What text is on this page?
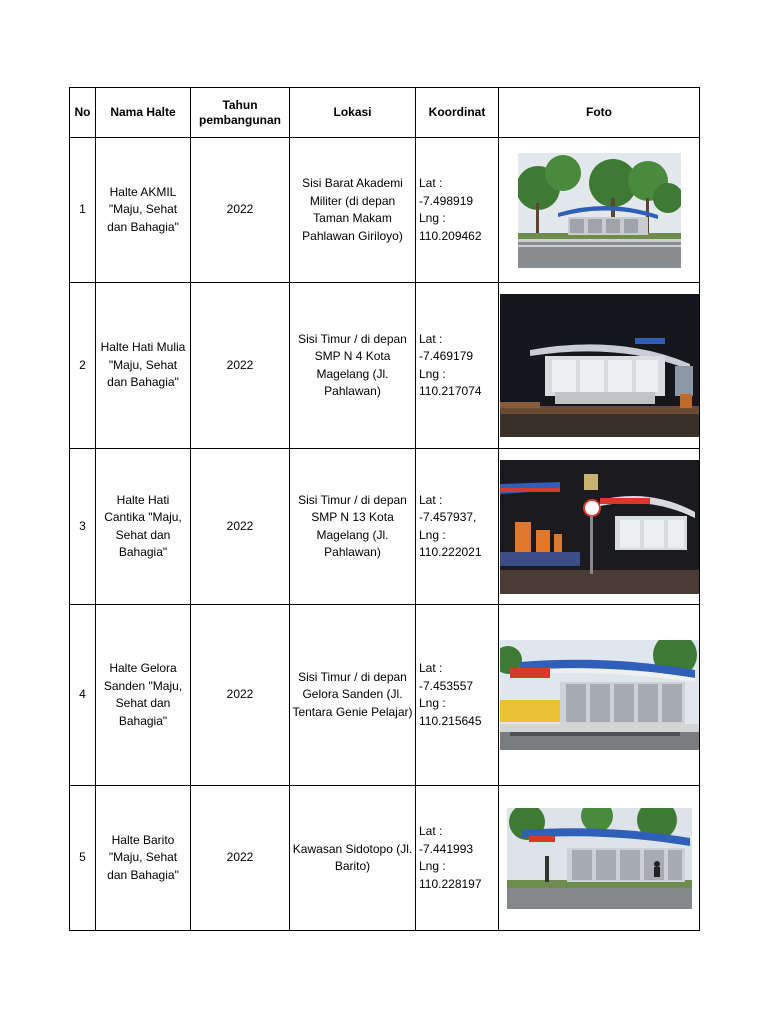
No	Nama Halte	Tahun pembangunan	Lokasi	Koordinat	Foto
1	Halte AKMIL "Maju, Sehat dan Bahagia"	2022	Sisi Barat Akademi Militer (di depan Taman Makam Pahlawan Giriloyo)	Lat : -7.498919 Lng : 110.209462	

2	Halte Hati Mulia "Maju, Sehat dan Bahagia"	2022	Sisi Timur / di depan SMP N 4 Kota Magelang (Jl. Pahlawan)	Lat : -7.469179 Lng : 110.217074	

3	Halte Hati Cantika "Maju, Sehat dan Bahagia"	2022	Sisi Timur / di depan SMP N 13 Kota Magelang (Jl. Pahlawan)	Lat : -7.457937, Lng : 110.222021	

4	Halte Gelora Sanden "Maju, Sehat dan Bahagia"	2022	Sisi Timur / di depan Gelora Sanden (Jl. Tentara Genie Pelajar)	Lat : -7.453557 Lng : 110.215645	

5	Halte Barito "Maju, Sehat dan Bahagia"	2022	Kawasan Sidotopo (Jl. Barito)	Lat : -7.441993 Lng : 110.228197	
